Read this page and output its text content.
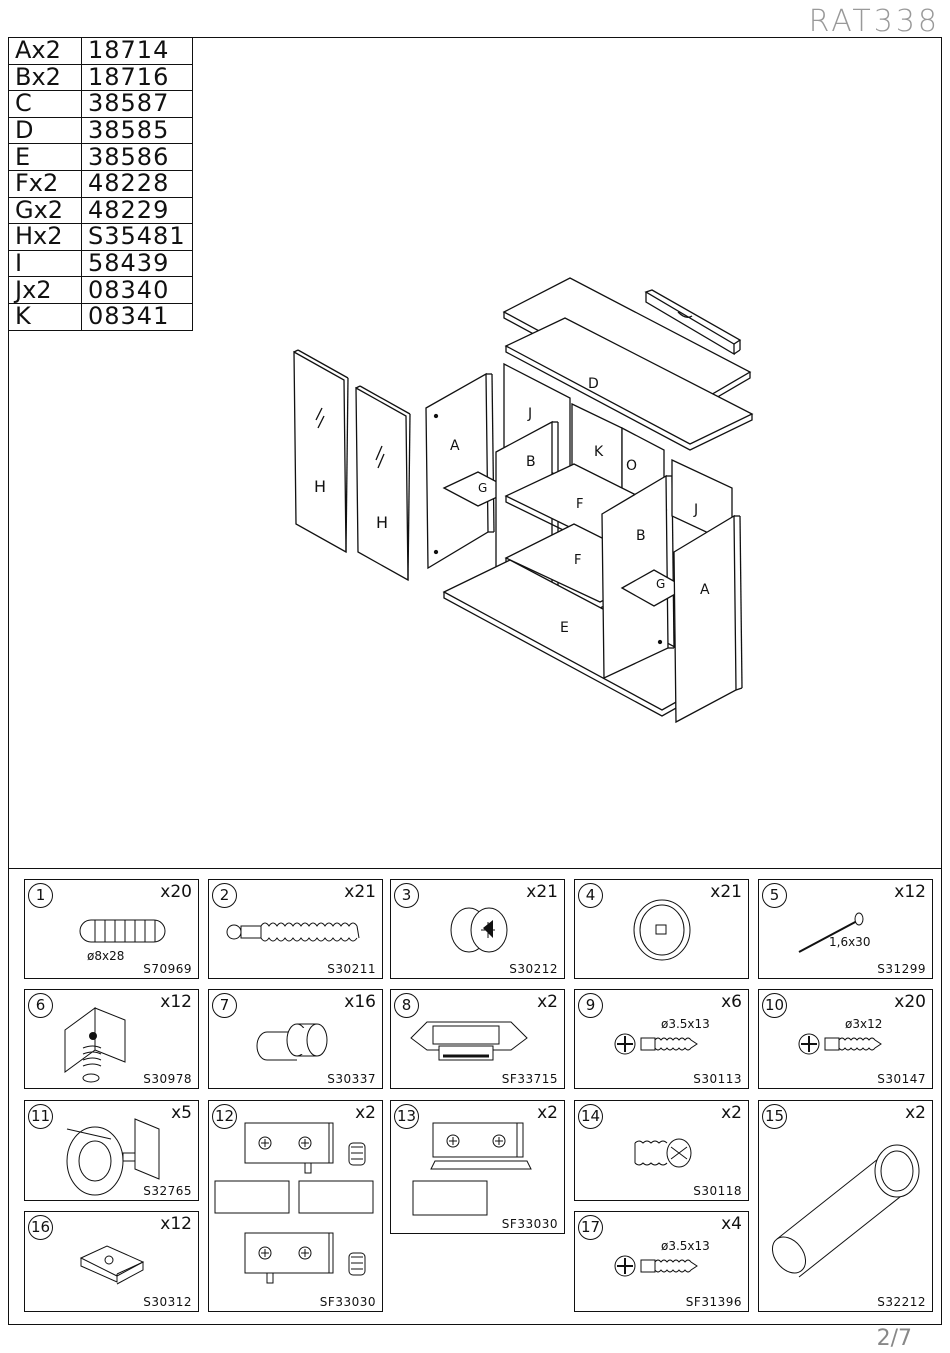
RAT338
Ax2	18714
Bx2	18716
C	38587
D	38585
E	38586
Fx2	48228
Gx2	48229
Hx2	S35481
I	58439
Jx2	08340
K	08341
D
H
H
A
J
K
O
G
B
F
F
E
B
G
J
A
ø8x28
1	x20
S70969
2	x21
S30211
3	x21
S30212
4	x21
1,6x30
5	x12
S31299
6	x12
S30978
7	x16
S30337
8	x2
SF33715
ø3.5x13
9	x6
S30113
ø3x12
10	x20
S30147
11	x5
S32765
12	x2
SF33030
13	x2
SF33030
14	x2
S30118
15	x2
S32212
16	x12
S30312
ø3.5x13
17	x4
SF31396
2/7
